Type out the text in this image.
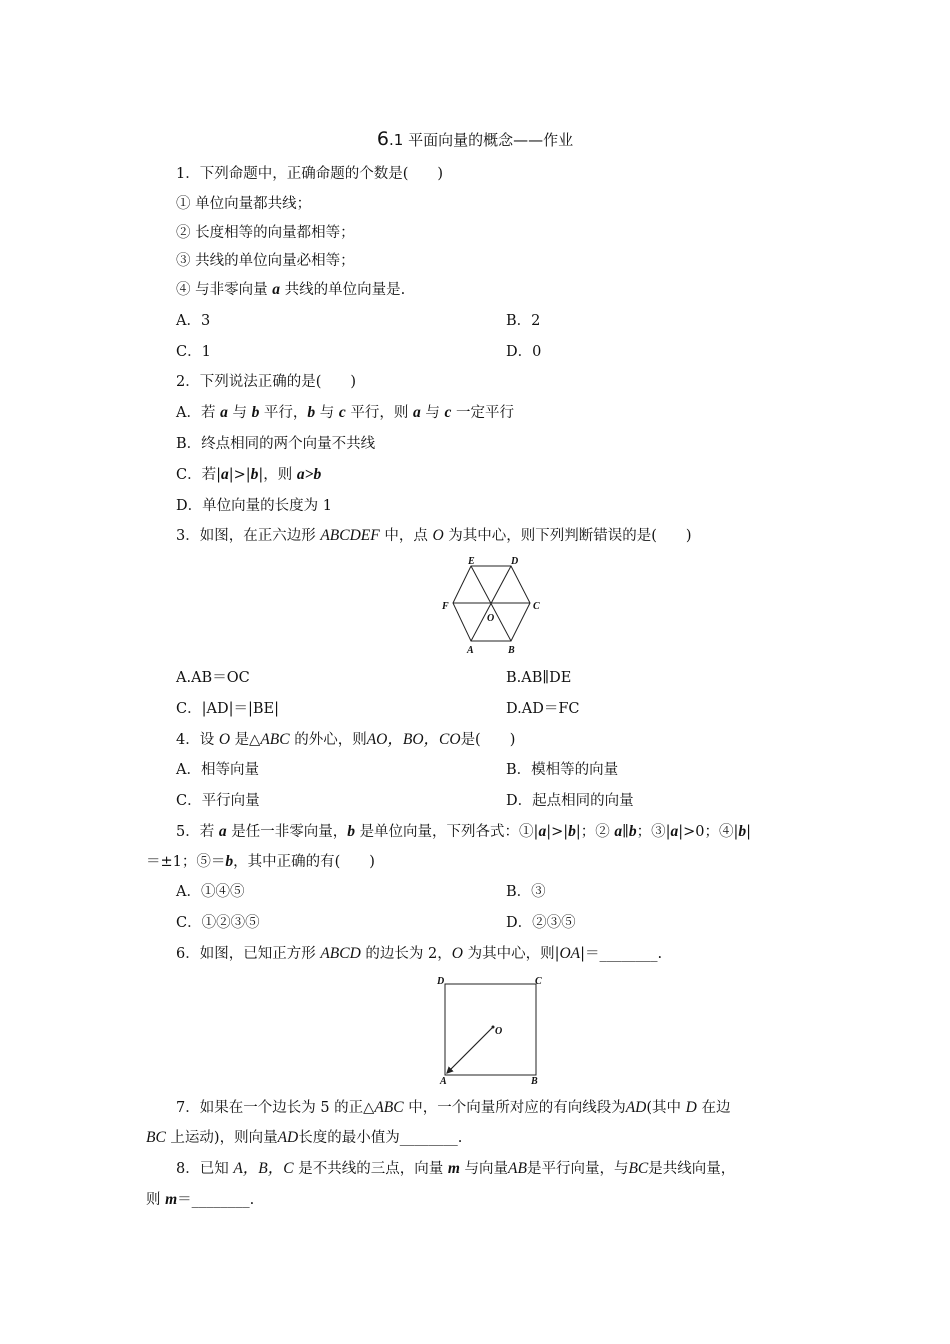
6.1 平面向量的概念——作业
1．下列命题中，正确命题的个数是(　　)
① 单位向量都共线；
② 长度相等的向量都相等；
③ 共线的单位向量必相等；
④ 与非零向量 a 共线的单位向量是.
A．3	B．2
C．1	D．0
2．下列说法正确的是(　　)
A．若 a 与 b 平行，b 与 c 平行，则 a 与 c 一定平行
B．终点相同的两个向量不共线
C．若|a|>|b|，则 a>b
D．单位向量的长度为 1
3．如图，在正六边形 ABCDEF 中，点 O 为其中心，则下列判断错误的是(　　)
E	D
F	C
O
A	B
A.AB＝OC	B.AB∥DE
C．|AD|＝|BE|	D.AD＝FC
4．设 O 是△ABC 的外心，则AO，BO，CO是(　　)
A．相等向量	B．模相等的向量
C．平行向量	D．起点相同的向量
5．若 a 是任一非零向量，b 是单位向量，下列各式：①|a|>|b|；② a∥b；③|a|>0；④|b|
＝±1；⑤＝b，其中正确的有(　　)
A．①④⑤	B．③
C．①②③⑤	D．②③⑤
6．如图，已知正方形 ABCD 的边长为 2，O 为其中心，则|OA|＝________.
D	C
O
A	B
7．如果在一个边长为 5 的正△ABC 中，一个向量所对应的有向线段为AD(其中 D 在边
BC 上运动)，则向量AD长度的最小值为________.
8．已知 A，B，C 是不共线的三点，向量 m 与向量AB是平行向量，与BC是共线向量，
则 m＝________.
